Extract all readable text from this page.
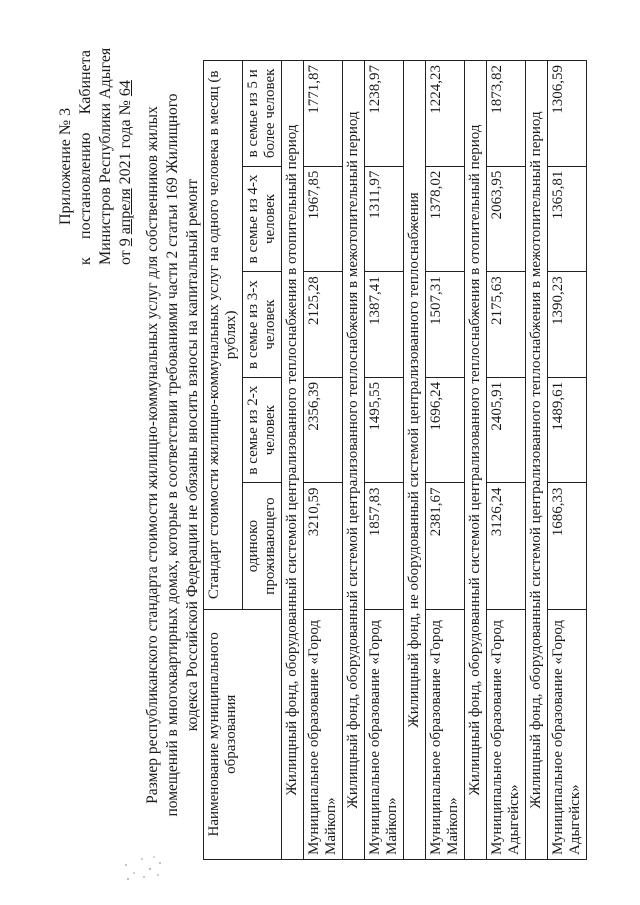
Приложение № 3
к
постановлению
Кабинета Министров Республики Адыгея от 9 апреля 2021 года № 64
Размер республиканского стандарта стоимости жилищно-коммунальных услуг для собственников жилых помещений в многоквартирных домах, которые в соответствии требованиями части 2 статьи 169 Жилищного кодекса Российской Федерации не обязаны вносить взносы на капитальный ремонт
Наименование муниципального образования	Стандарт стоимости жилищно-коммунальных услуг на одного человека в месяц (в рублях)				
	одиноко проживающего	в семье из 2-х человек	в семье из 3-х человек	в семье из 4-х человек	в семье из 5 и более человек
Жилищный фонд, оборудованный системой централизованного теплоснабжения в отопительный период					
Муниципальное образование «Город Майкоп»	3210,59	2356,39	2125,28	1967,85	1771,87
Жилищный фонд, оборудованный системой централизованного теплоснабжения в межотопительный период					
Муниципальное образование «Город Майкоп»	1857,83	1495,55	1387,41	1311,97	1238,97
Жилищный фонд, не оборудованный системой централизованного теплоснабжения					
Муниципальное образование «Город Майкоп»	2381,67	1696,24	1507,31	1378,02	1224,23
Жилищный фонд, оборудованный системой централизованного теплоснабжения в отопительный период					
Муниципальное образование «Город Адыгейск»	3126,24	2405,91	2175,63	2063,95	1873,82
Жилищный фонд, оборудованный системой централизованного теплоснабжения в межотопительный период					
Муниципальное образование «Город Адыгейск»	1686,33	1489,61	1390,23	1365,81	1306,59
